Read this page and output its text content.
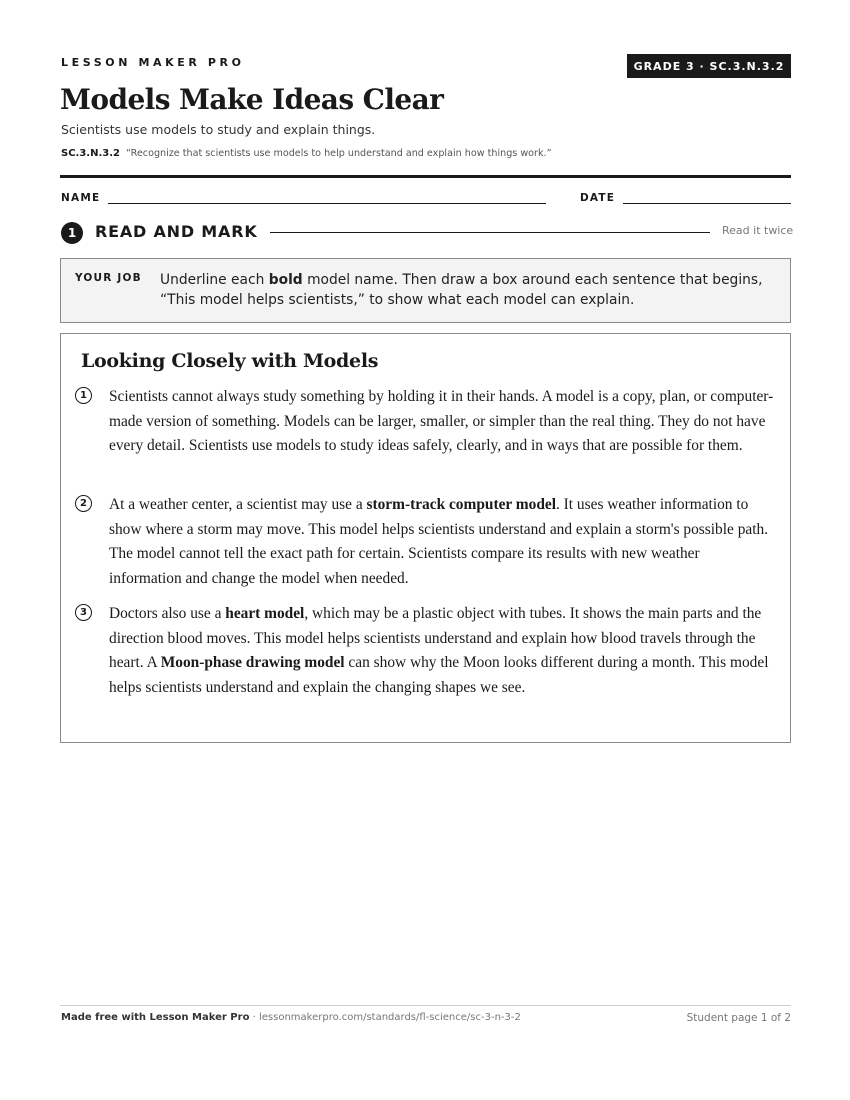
LESSON MAKER PRO	GRADE 3 · SC.3.N.3.2
Models Make Ideas Clear
Scientists use models to study and explain things.
SC.3.N.3.2 “Recognize that scientists use models to help understand and explain how things work.”
NAME	DATE
1	READ AND MARK	Read it twice
YOUR JOB Underline each bold model name. Then draw a box around each sentence that begins, “This model helps scientists,” to show what each model can explain.
Looking Closely with Models
1	Scientists cannot always study something by holding it in their hands. A model is a copy, plan, or computer-made version of something. Models can be larger, smaller, or simpler than the real thing. They do not have every detail. Scientists use models to study ideas safely, clearly, and in ways that are possible for them.
2	At a weather center, a scientist may use a storm-track computer model. It uses weather information to show where a storm may move. This model helps scientists understand and explain a storm's possible path. The model cannot tell the exact path for certain. Scientists compare its results with new weather information and change the model when needed.
3	Doctors also use a heart model, which may be a plastic object with tubes. It shows the main parts and the direction blood moves. This model helps scientists understand and explain how blood travels through the heart. A Moon-phase drawing model can show why the Moon looks different during a month. This model helps scientists understand and explain the changing shapes we see.
Made free with Lesson Maker Pro · lessonmakerpro.com/standards/fl-science/sc-3-n-3-2	Student page 1 of 2
